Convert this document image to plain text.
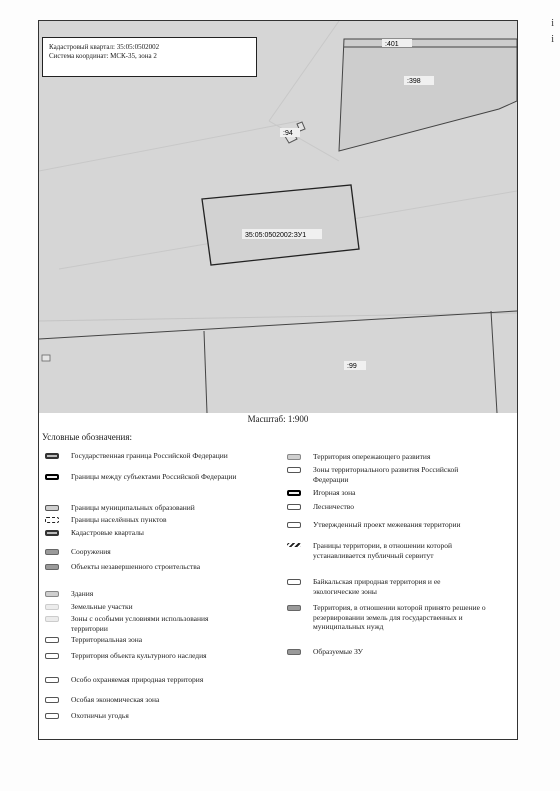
i
i
:401
:398
:94
35:05:0502002:ЗУ1
:99
Кадастровый квартал: 35:05:0502002
Система координат: МСК-35, зона 2
Масштаб: 1:900
Условные обозначения:
Государственная граница Российской Федерации
Границы между субъектами Российской Федерации
Границы муниципальных образований
Границы населённых пунктов
Кадастровые кварталы
Сооружения
Объекты незавершенного строительства
Здания
Земельные участки
Зоны с особыми условиями использования территории
Территориальная зона
Территория объекта культурного наследия
Особо охраняемая природная территория
Особая экономическая зона
Охотничьи угодья
Территория опережающего развития
Зоны территориального развития Российской Федерации
Игорная зона
Лесничество
Утвержденный проект межевания территории
Границы территории, в отношении которой устанавливается публичный сервитут
Байкальская природная территория и ее экологические зоны
Территория, в отношении которой принято решение о резервировании земель для государственных и муниципальных нужд
Образуемые ЗУ
